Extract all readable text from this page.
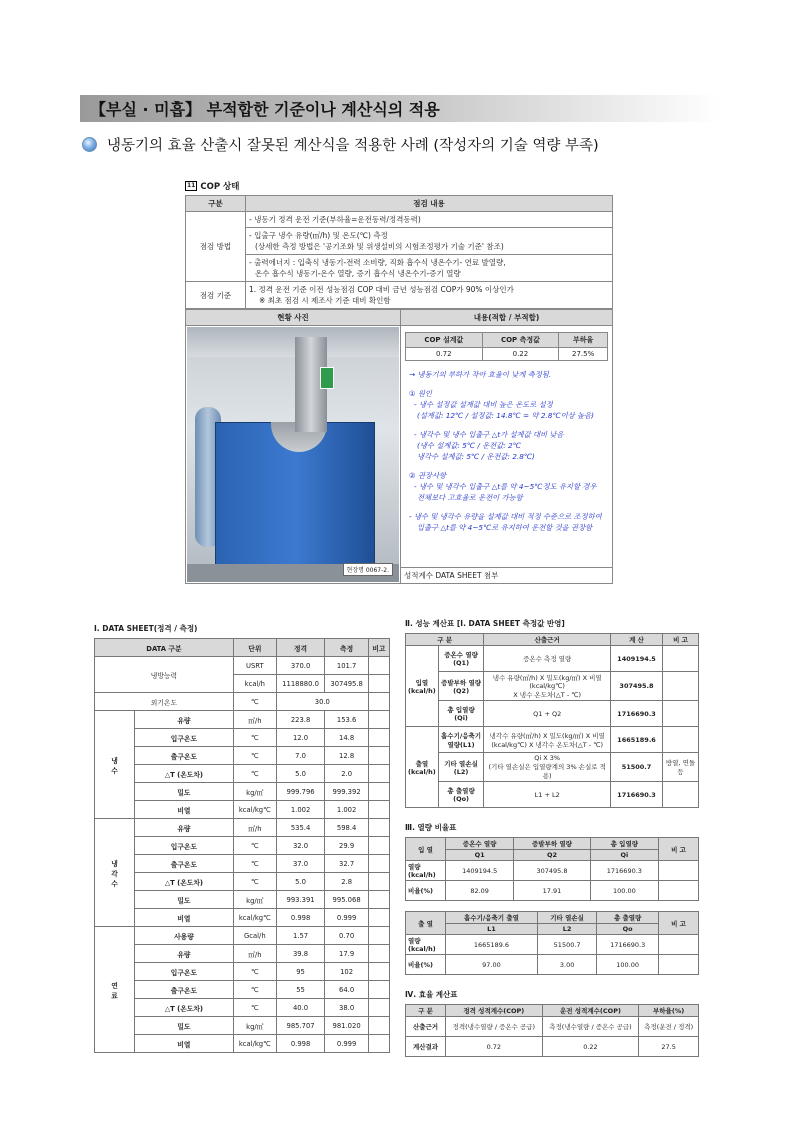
【부실 · 미흡】 부적합한 기준이나 계산식의 적용
냉동기의 효율 산출시 잘못된 계산식을 적용한 사례 (작성자의 기술 역량 부족)
11 COP 상태
구분	점검 내용
점검 방법	- 냉동기 정격 운전 기준(부하율=운전동력/정격동력)

	- 입출구 냉수 유량(㎥/h) 및 온도(℃) 측정
(상세한 측정 방법은 '공기조화 및 위생설비의 시험조정평가 기술 기준' 참조)

	- 출력에너지 : 입축식 냉동기-전력 소비량, 직화 흡수식 냉온수기- 연료 발열량,
온수 흡수식 냉동기-온수 열량, 증기 흡수식 냉온수기-증기 열량

점검 기준	1. 정격 운전 기준 이전 성능점검 COP 대비 금년 성능점검 COP가 90% 이상인가
※ 최초 점검 시 제조사 기준 대비 확인함
현황 사진	내용(적합 / 부적합)

현장명 0067-2.

COP 설계값	COP 측정값	부하율
0.72	0.22	27.5%
→ 냉동기의 부하가 작아 효율이 낮게 측정됨.
① 원인
- 냉수 설정값 설계값 대비 높은 온도로 설정
(설계값: 12℃ / 설정값: 14.8℃ = 약 2.8℃이상 높음)
- 냉각수 및 냉수 입출구 △t가 설계값 대비 낮음
(냉수 설계값: 5℃ / 운전값: 2℃
냉각수 설계값: 5℃ / 운전값: 2.8℃)
② 권장사항
- 냉수 및 냉각수 입출구 △t를 약 4~5℃정도 유지할 경우
전체보다 고효율로 운전이 가능함
- 냉수 및 냉각수 유량을 설계값 대비 적정 수준으로 조정하여
입출구 △t를 약 4~5℃로 유지하여 운전할 것을 권장함

성적계수 DATA SHEET 첨부
Ⅰ. DATA SHEET(정격 / 측정)
DATA 구분		단위	정격	측정	비고
냉방능력		USRT	370.0	101.7	
		kcal/h	1118880.0	307495.8	
외기온도		℃	30.0		
냉
수	유량	㎥/h	223.8	153.6	
	입구온도	℃	12.0	14.8	
	출구온도	℃	7.0	12.8	
	△T (온도차)	℃	5.0	2.0	
	밀도	kg/㎥	999.796	999.392	
	비열	kcal/kg℃	1.002	1.002	
냉
각
수	유량	㎥/h	535.4	598.4	
	입구온도	℃	32.0	29.9	
	출구온도	℃	37.0	32.7	
	△T (온도차)	℃	5.0	2.8	
	밀도	kg/㎥	993.391	995.068	
	비열	kcal/kg℃	0.998	0.999	
연
료	사용량	Gcal/h	1.57	0.70	
	유량	㎥/h	39.8	17.9	
	입구온도	℃	95	102	
	출구온도	℃	55	64.0	
	△T (온도차)	℃	40.0	38.0	
	밀도	kg/㎥	985.707	981.020	
	비열	kcal/kg℃	0.998	0.999	
Ⅱ. 성능 계산표 [Ⅰ. DATA SHEET 측정값 반영]
구 분		산출근거	계 산	비 고
입열
(kcal/h)	증온수 열량
(Q1)	증온수 측정 열량	1409194.5	
	증발부하 열량
(Q2)	냉수 유량(㎥/h) X 밀도(kg/㎥) X 비열(kcal/kg℃)
X 냉수 온도차(△T - ℃)	307495.8	
	총 입열량
(Qi)	Q1 + Q2	1716690.3	
출열
(kcal/h)	흡수기/응축기
열량(L1)	냉각수 유량(㎥/h) X 밀도(kg/㎥) X 비열
(kcal/kg℃) X 냉각수 온도차(△T - ℃)	1665189.6	
	기타 열손실
(L2)	Qi X 3%
(기타 열손실은 입열량계의 3% 손실로 적용)	51500.7	방열, 연돌 등
	총 출열량
(Qo)	L1 + L2	1716690.3	
Ⅲ. 열량 비율표
입 열	증온수 열량	증발부하 열량	총 입열량	비 고
	Q1	Q2	Qi	
열량(kcal/h)	1409194.5	307495.8	1716690.3	
비율(%)	82.09	17.91	100.00	
출 열	흡수기/응축기 출열	기타 열손실	총 출열량	비 고
	L1	L2	Qo	
열량(kcal/h)	1665189.6	51500.7	1716690.3	
비율(%)	97.00	3.00	100.00	
Ⅳ. 효율 계산표
구 분	정격 성적계수(COP)	운전 성적계수(COP)	부하율(%)
산출근거	정격(냉수열량 / 증온수 공급)	측정(냉수열량 / 증온수 공급)	측정(운전 / 정격)
계산결과	0.72	0.22	27.5
